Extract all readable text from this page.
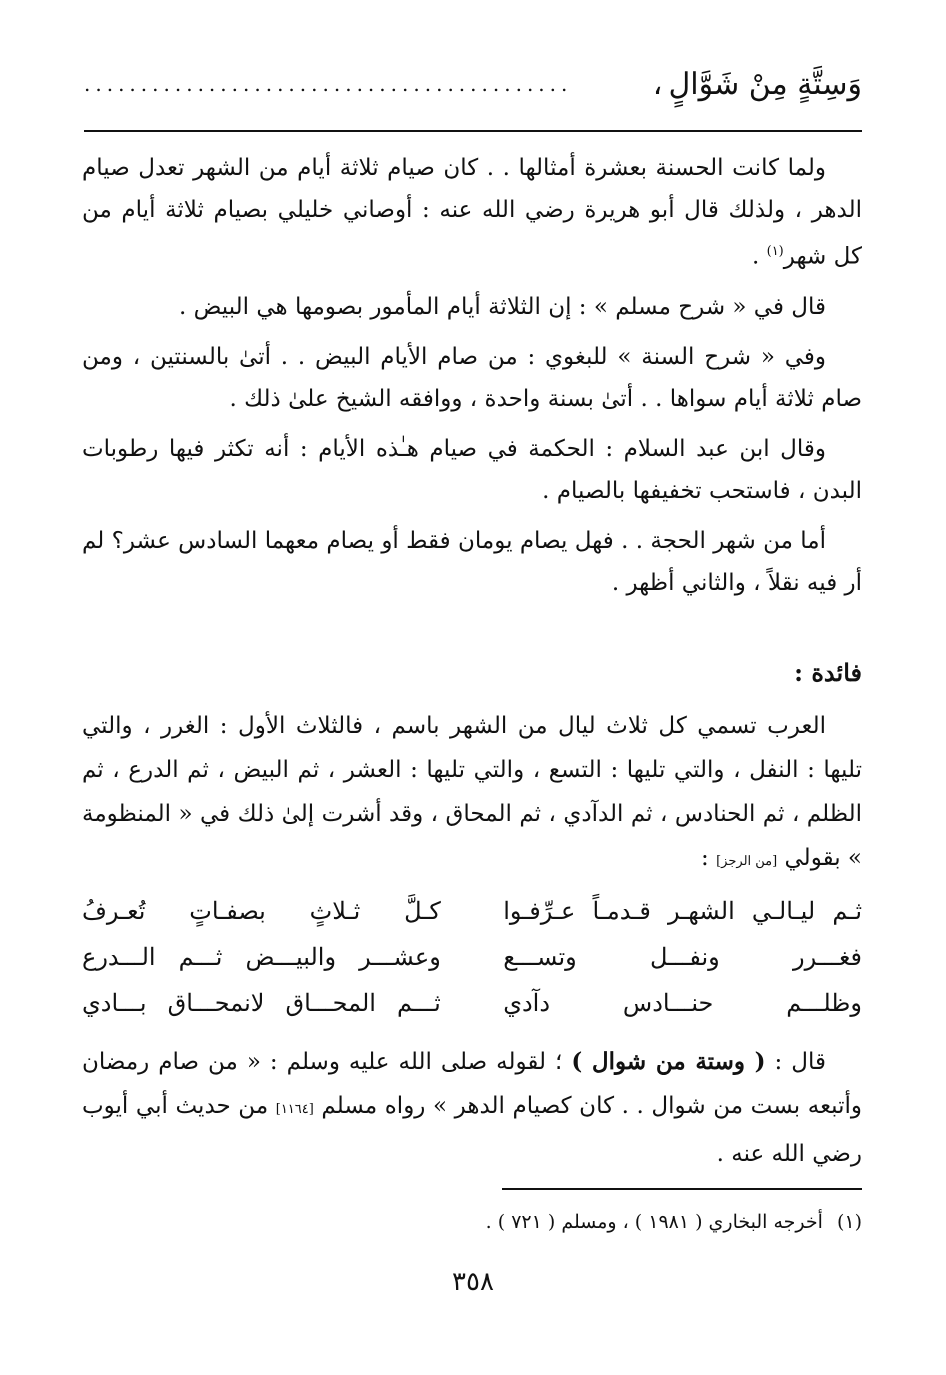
وَسِتَّةٍ مِنْ شَوَّالٍ
،
...........................................

ولما كانت الحسنة بعشرة أمثالها . . كان صيام ثلاثة أيام من الشهر تعدل صيام الدهر ، ولذلك قال أبو هريرة رضي الله عنه : أوصاني خليلي بصيام ثلاثة أيام من كل شهر$^{(١)}$ .

قال في « شرح مسلم » : إن الثلاثة أيام المأمور بصومها هي البيض .

وفي « شرح السنة » للبغوي : من صام الأيام البيض . . أتىٰ بالسنتين ، ومن صام ثلاثة أيام سواها . . أتىٰ بسنة واحدة ، ووافقه الشيخ علىٰ ذلك .

وقال ابن عبد السلام : الحكمة في صيام هـٰذه الأيام : أنه تكثر فيها رطوبات البدن ، فاستحب تخفيفها بالصيام .

أما من شهر الحجة . . فهل يصام يومان فقط أو يصام معهما السادس عشر؟ لم أر فيه نقلاً ، والثاني أظهر .

فائدة :

العرب تسمي كل ثلاث ليال من الشهر باسم ، فالثلاث الأول : الغرر ، والتي تليها : النفل ، والتي تليها : التسع ، والتي تليها : العشر ، ثم البيض ، ثم الدرع ، ثم الظلم ، ثم الحنادس ، ثم الدآدي ، ثم المحاق ، وقد أشرت إلىٰ ذلك في « المنظومة » بقولي [من الرجز] :

ثـم ليـالـي الشهـر قـدمـاً عـرِّفـوا
كـلَّ ثـلاثٍ بصفـاتٍ تُعـرفُ
فغـــرر ونفـــل وتســـع
وعشـــر والبيـــض ثـــم الـــدرع
وظلـــم حنـــادس دآدي
ثـــم المحـــاق لانمحـــاق بـــادي

قال : ( وستة من شوال ) ؛ لقوله صلى الله عليه وسلم : « من صام رمضان وأتبعه بست من شوال . . كان كصيام الدهر » رواه مسلم [١١٦٤] من حديث أبي أيوب رضي الله عنه .

(١)أخرجه البخاري ( ١٩٨١ ) ، ومسلم ( ٧٢١ ) .
٣٥٨
